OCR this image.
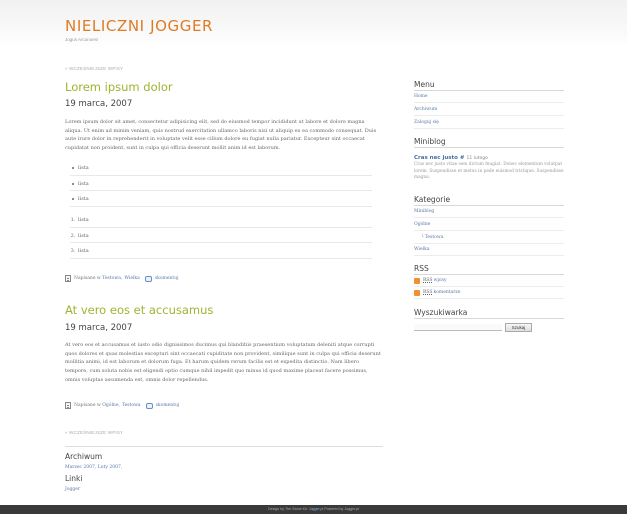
NIELICZNI JOGGER
Jogus Arcunoes!
« WCZEŚNIEJSZE WPISY
Lorem ipsum dolor
19 marca, 2007
Lorem ipsum dolor sit amet, consectetur adipisicing elit, sed do eiusmod tempor incididunt ut labore et dolore magna aliqua. Ut enim ad minim veniam, quis nostrud exercitation ullamco laboris nisi ut aliquip ex ea commodo consequat. Duis aute irure dolor in reprehenderit in voluptate velit esse cillum dolore eu fugiat nulla pariatur. Excepteur sint occaecat cupidatat non proident, sunt in culpa qui officia deserunt mollit anim id est laborum.
lista
lista
lista
1. lista
2. lista
3. lista
Napisane w
Testowa , Wielka	skomentuj
At vero eos et accusamus
19 marca, 2007
At vero eos et accusamus et iusto odio dignissimos ducimus qui blanditiis praesentium voluptatum deleniti atque corrupti quos dolores et quas molestias excepturi sint occaecati cupiditate non provident, similique sunt in culpa qui officia deserunt mollitia animi, id est laborum et dolorum fuga. Et harum quidem rerum facilis est et expedita distinctio. Nam libero tempore, cum soluta nobis est eligendi optio cumque nihil impedit quo minus id quod maxime placeat facere possimus, omnis voluptas assumenda est, omnis dolor repellendus.
Napisane w
Ogólne , Testowa	skomentuj
« WCZEŚNIEJSZE WPISY
Archiwum
Marzec 2007, Luty 2007,
Linki
Jogger
Menu
Home
Archiwum
Zaloguj się
Miniblog
Cras nec justo # 11 lutego
Cras nec justo vitae sem dictum feugiat. Donec elementum volutpat lorem. Suspendisse et metus in pede euismod tristique. Suspendisse magna.
Kategorie
Miniblog
Ogólne
└Testowa
Wielka
RSS
RSS wpisy
RSS komentarze
Wyszukiwarka
Szukaj
Design by The Stone Kit. Jogger.pl Powered by Jogger.pl
